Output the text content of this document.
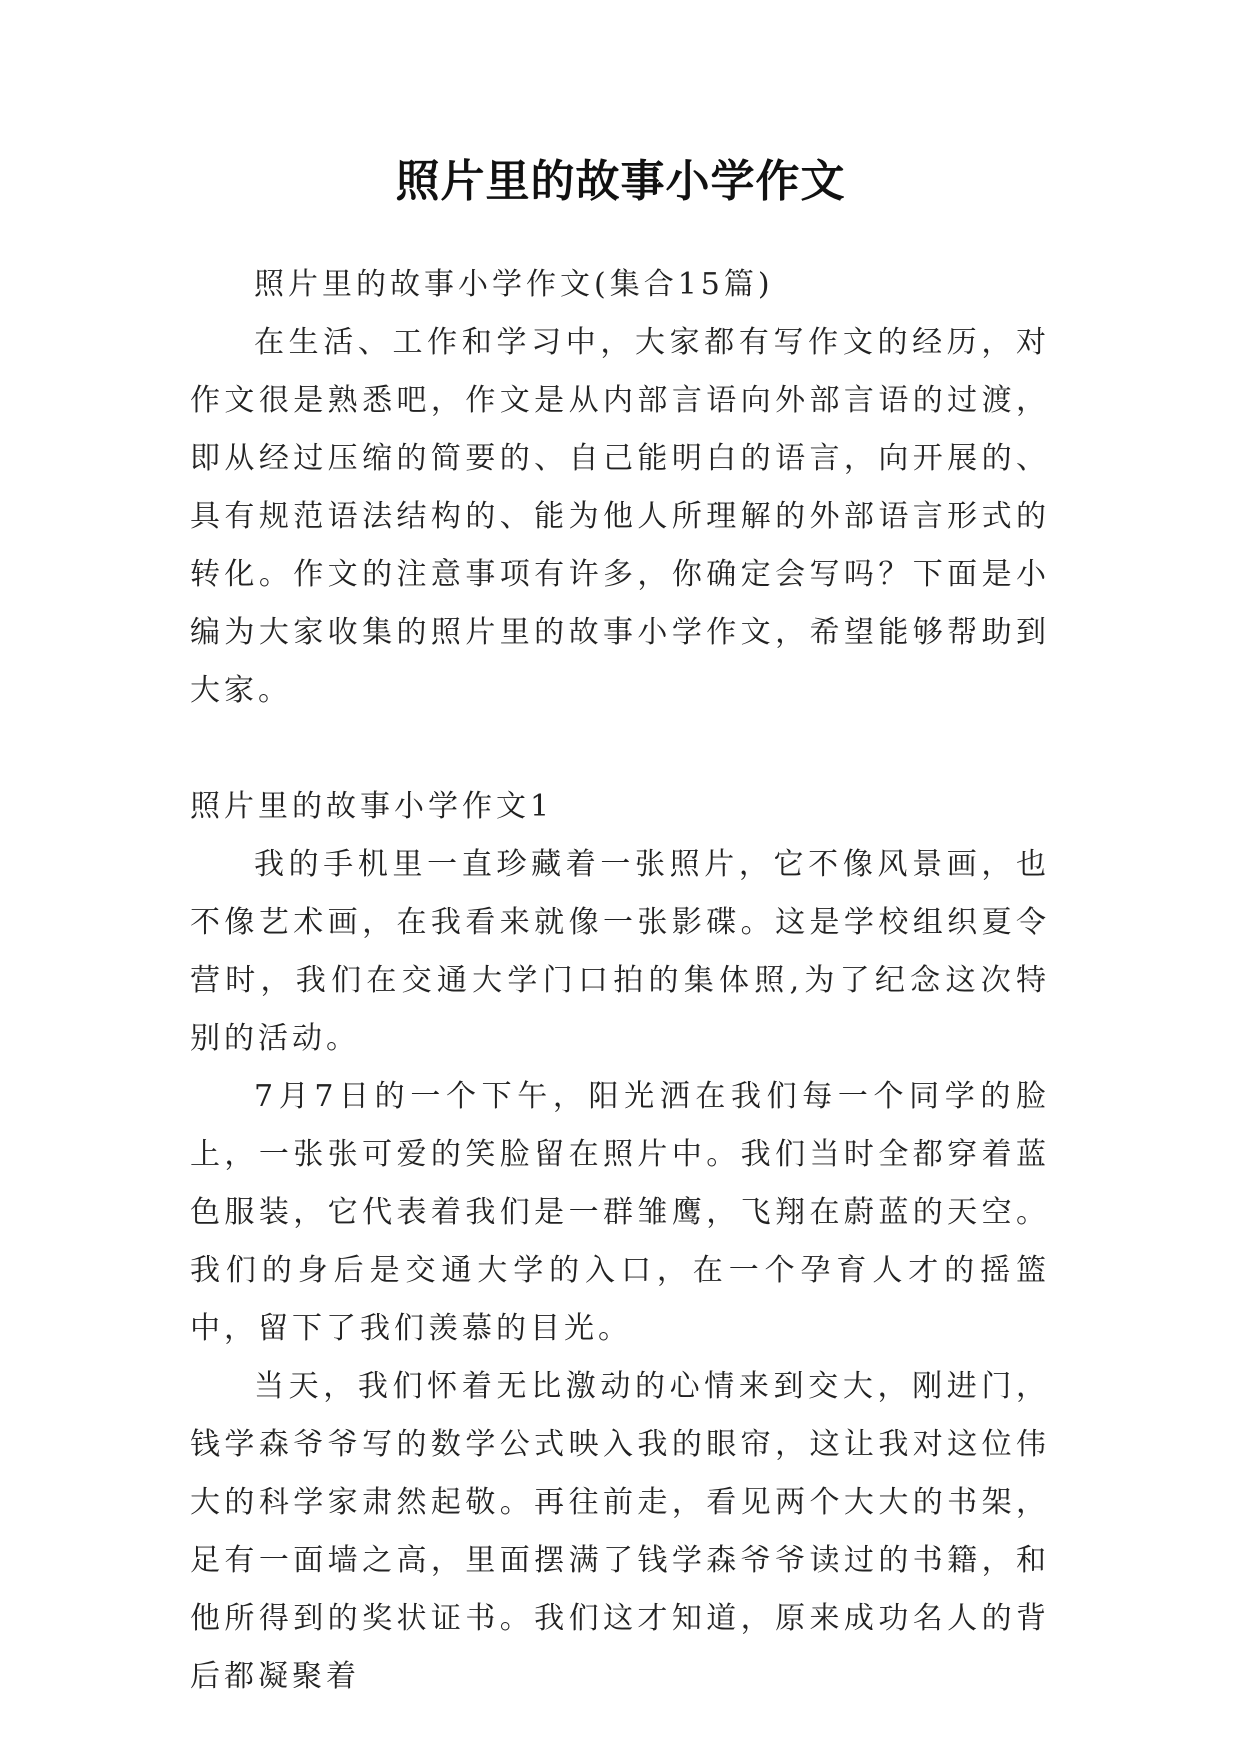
照片里的故事小学作文

照片里的故事小学作文(集合15篇)

在生活、工作和学习中，大家都有写作文的经历，对作文很是熟悉吧，作文是从内部言语向外部言语的过渡，即从经过压缩的简要的、自己能明白的语言，向开展的、具有规范语法结构的、能为他人所理解的外部语言形式的转化。作文的注意事项有许多，你确定会写吗？下面是小编为大家收集的照片里的故事小学作文，希望能够帮助到大家。

照片里的故事小学作文1

我的手机里一直珍藏着一张照片，它不像风景画，也不像艺术画，在我看来就像一张影碟。这是学校组织夏令营时，我们在交通大学门口拍的集体照,为了纪念这次特别的活动。

7月7日的一个下午，阳光洒在我们每一个同学的脸上，一张张可爱的笑脸留在照片中。我们当时全都穿着蓝色服装，它代表着我们是一群雏鹰，飞翔在蔚蓝的天空。我们的身后是交通大学的入口，在一个孕育人才的摇篮中，留下了我们羡慕的目光。

当天，我们怀着无比激动的心情来到交大，刚进门，钱学森爷爷写的数学公式映入我的眼帘，这让我对这位伟大的科学家肃然起敬。再往前走，看见两个大大的书架，足有一面墙之高，里面摆满了钱学森爷爷读过的书籍，和他所得到的奖状证书。我们这才知道，原来成功名人的背后都凝聚着
